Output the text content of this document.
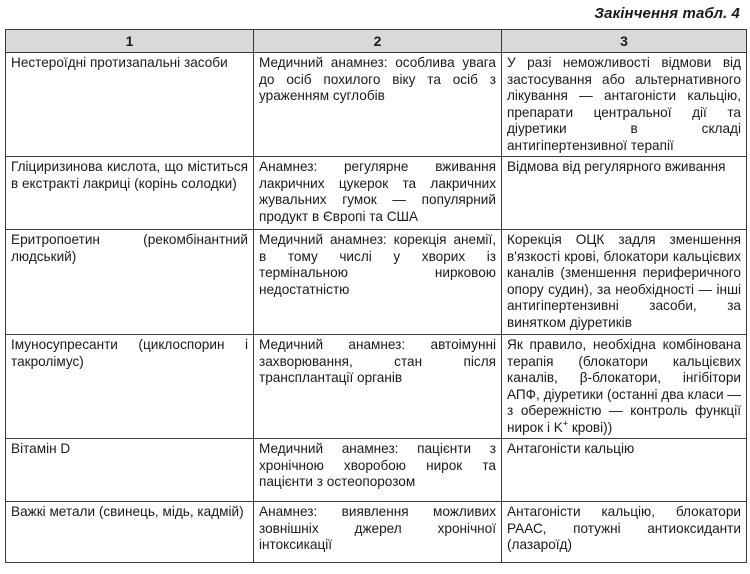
Закінчення табл. 4
1	2	3
Нестероїдні протизапальні засоби	Медичний анамнез: особлива увага до осіб похилого віку та осіб з ураженням суглобів	У разі неможливості відмови від застосування або альтернативного лікування — антагоністи кальцію, препарати центральної дії та діуретики в складі антигіпертензивної терапії
Гліциризинова кислота, що міститься в екстракті лакриці (корінь солодки)	Анамнез: регулярне вживання лакричних цукерок та лакричних жувальних гумок — популярний продукт в Європі та США	Відмова від регулярного вживання
Еритропоетин (рекомбінантний людський)	Медичний анамнез: корекція анемії, в тому числі у хворих із термінальною нирковою недостатністю	Корекція ОЦК задля зменшення в'язкості крові, блокатори кальцієвих каналів (зменшення периферичного опору судин), за необхідності — інші антигіпертензивні засоби, за винятком діуретиків
Імуносупресанти (циклоспорин і такролімус)	Медичний анамнез: автоімунні захворювання, стан після трансплантації органів	Як правило, необхідна комбінована терапія (блокатори кальцієвих каналів, β-блокатори, інгібітори АПФ, діуретики (останні два класи — з обережністю — контроль функції нирок і K+ крові))
Вітамін D	Медичний анамнез: пацієнти з хронічною хворобою нирок та пацієнти з остеопорозом	Антагоністи кальцію
Важкі метали (свинець, мідь, кадмій)	Анамнез: виявлення можливих зовнішніх джерел хронічної інтоксикації	Антагоністи кальцію, блокатори РААС, потужні антиоксиданти (лазароїд)
